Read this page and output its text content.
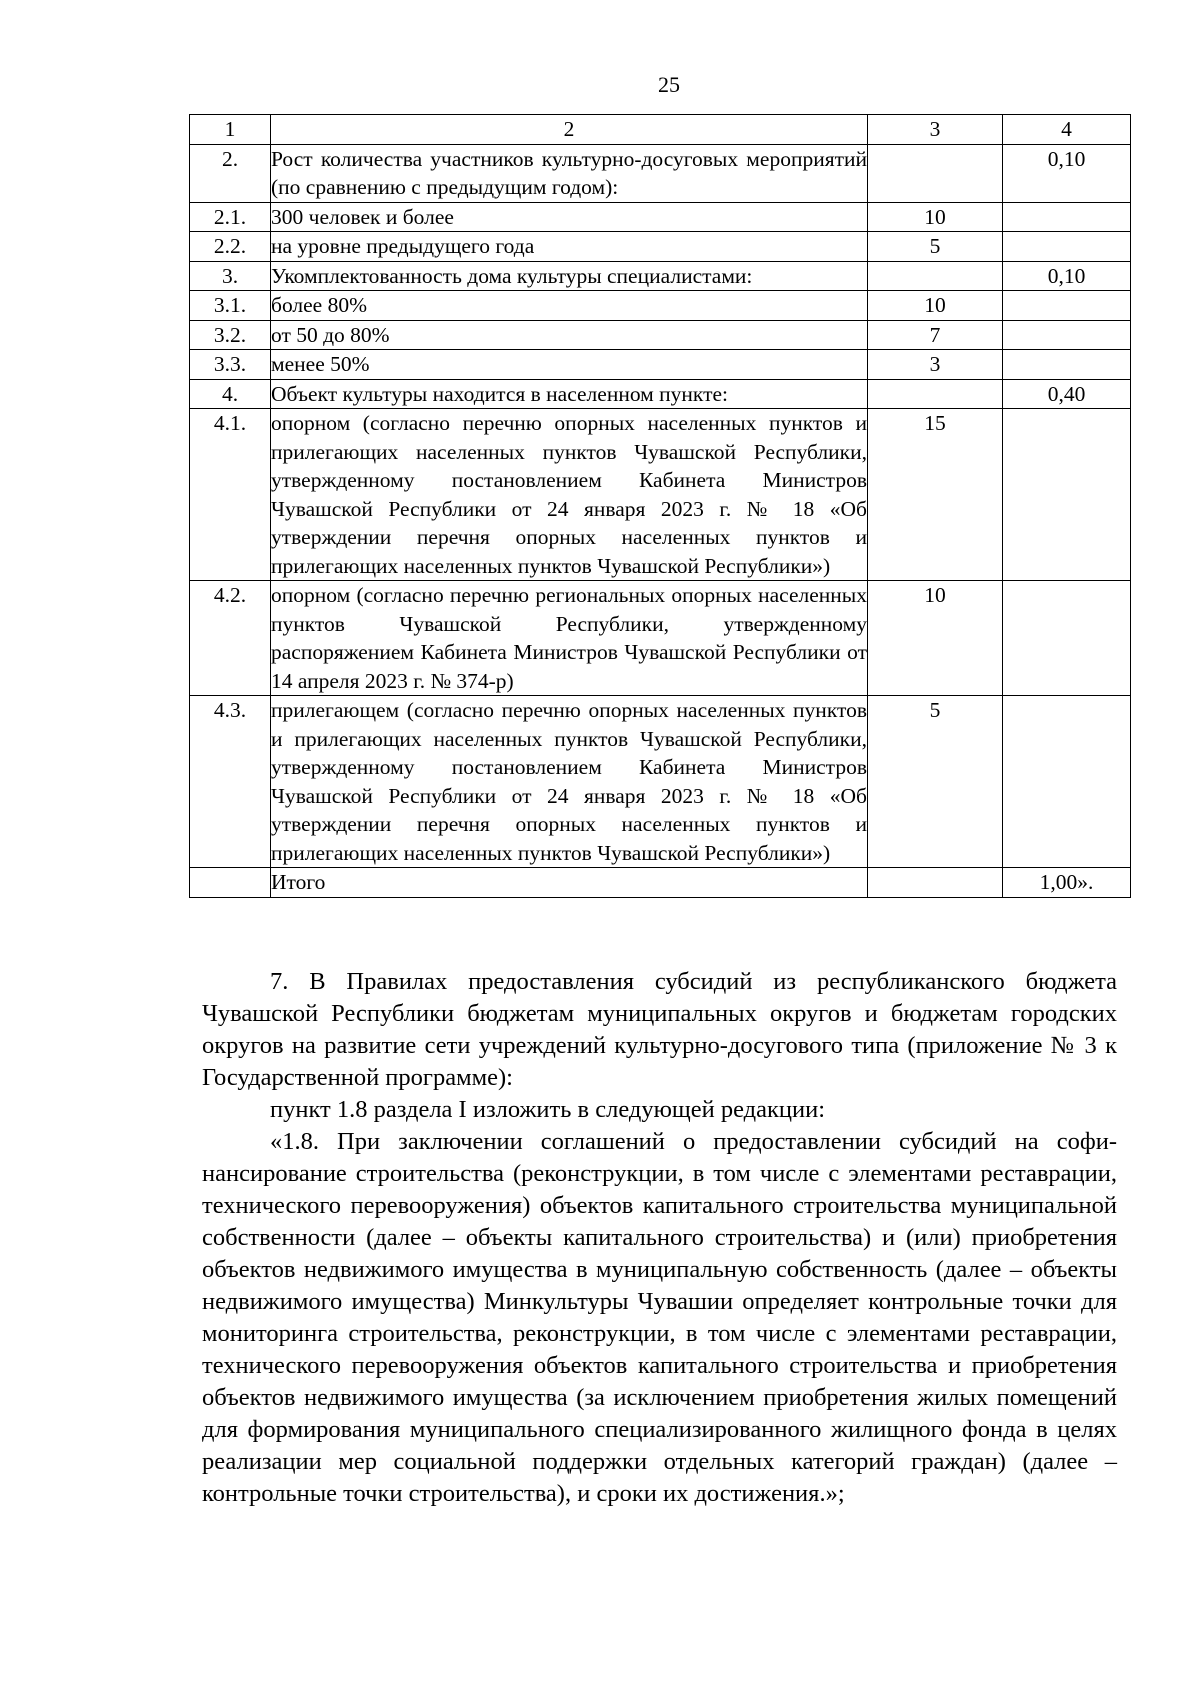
25
1	2	3	4
2.	Рост количества участников культурно-досуговых мероприятий (по сравнению с предыдущим годом):		0,10
2.1.	300 человек и более	10	
2.2.	на уровне предыдущего года	5	
3.	Укомплектованность дома культуры специалистами:		0,10
3.1.	более 80%	10	
3.2.	от 50 до 80%	7	
3.3.	менее 50%	3	
4.	Объект культуры находится в населенном пункте:		0,40
4.1.	опорном (согласно перечню опорных населенных пунктов и прилегающих населенных пунктов Чувашской Республики, утвержденному постановлением Кабинета Министров Чувашской Республики от 24 января 2023 г. № 18 «Об утверждении перечня опорных населенных пунктов и прилегающих населенных пунктов Чувашской Республики»)	15	
4.2.	опорном (согласно перечню региональных опорных населенных пунктов Чувашской Республики, утвержденному распоряжением Кабинета Министров Чувашской Республики от 14 апреля 2023 г. № 374-р)	10	
4.3.	прилегающем (согласно перечню опорных населенных пунктов и прилегающих населенных пунктов Чувашской Республики, утвержденному постановлением Кабинета Министров Чувашской Республики от 24 января 2023 г. № 18 «Об утверждении перечня опорных населенных пунктов и прилегающих населенных пунктов Чувашской Республики»)	5	
	Итого		1,00».

7. В Правилах предоставления субсидий из республиканского бюджета Чувашской Республики бюджетам муниципальных округов и бюджетам городских округов на развитие сети учреждений культурно-досугового типа (приложение № 3 к Государственной программе):

пункт 1.8 раздела I изложить в следующей редакции:

«1.8. При заключении соглашений о предоставлении субсидий на софинансирование строительства (реконструкции, в том числе с элементами реставрации, технического перевооружения) объектов капитального строительства муниципальной собственности (далее – объекты капитального строительства) и (или) приобретения объектов недвижимого имущества в муниципальную собственность (далее – объекты недвижимого имущества) Минкультуры Чувашии определяет контрольные точки для мониторинга строительства, реконструкции, в том числе с элементами реставрации, технического перевооружения объектов капитального строительства и приобретения объектов недвижимого имущества (за исключением приобретения жилых помещений для формирования муниципального специализированного жилищного фонда в целях реализации мер социальной поддержки отдельных категорий граждан) (далее – контрольные точки строительства), и сроки их достижения.»;
